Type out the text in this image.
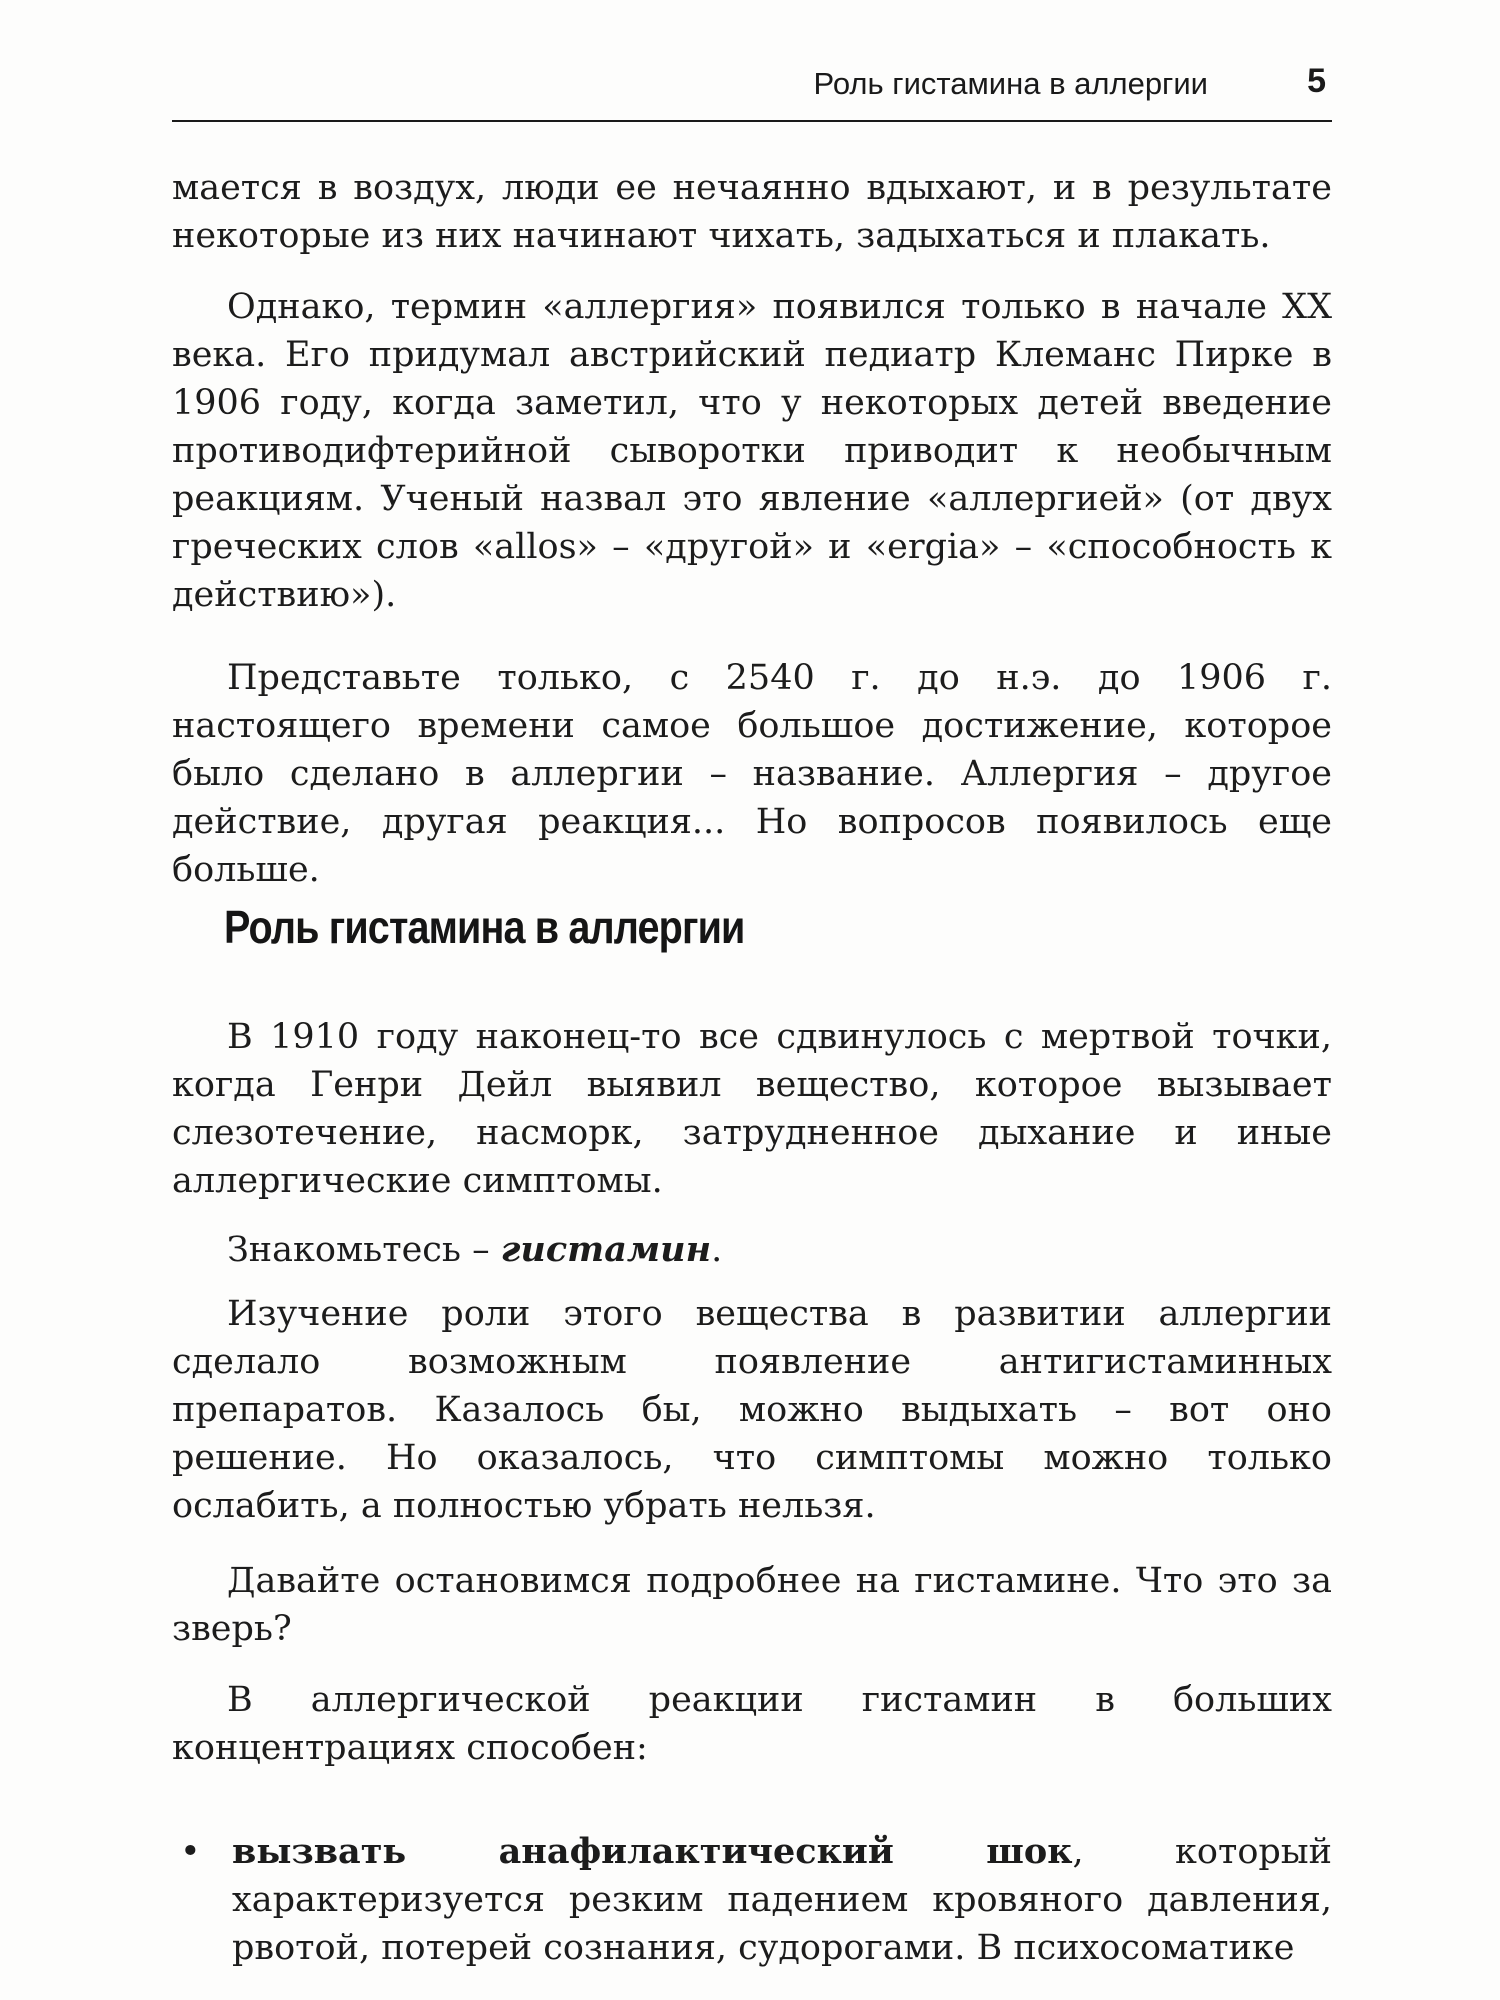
Роль гистамина в аллергии	5

мается в воздух, люди ее нечаянно вдыхают, и в результате некоторые из них начинают чихать, задыхаться и плакать.

Однако, термин «аллергия» появился только в начале XX века. Его придумал австрийский педиатр Клеманс Пирке в 1906 году, когда заметил, что у некоторых детей введение противодифтерийной сыворотки приводит к необычным реакциям. Ученый назвал это явление «аллергией» (от двух греческих слов «allos» – «другой» и «ergia» – «способность к действию»).

Представьте только, с 2540 г. до н.э. до 1906 г. настоящего времени самое большое достижение, которое было сделано в аллергии – название. Аллергия – другое действие, другая реакция... Но вопросов появилось еще больше.

Роль гистамина в аллергии

В 1910 году наконец-то все сдвинулось с мертвой точки, когда Генри Дейл выявил вещество, которое вызывает слезотечение, насморк, затрудненное дыхание и иные аллергические симптомы.

Знакомьтесь – гистамин.

Изучение роли этого вещества в развитии аллергии сделало возможным появление антигистаминных препаратов. Казалось бы, можно выдыхать – вот оно решение. Но оказалось, что симптомы можно только ослабить, а полностью убрать нельзя.

Давайте остановимся подробнее на гистамине. Что это за зверь?

В аллергической реакции гистамин в больших концентрациях способен:

• вызвать анафилактический шок, который характеризуется резким падением кровяного давления, рвотой, потерей сознания, судорогами. В психосоматике
